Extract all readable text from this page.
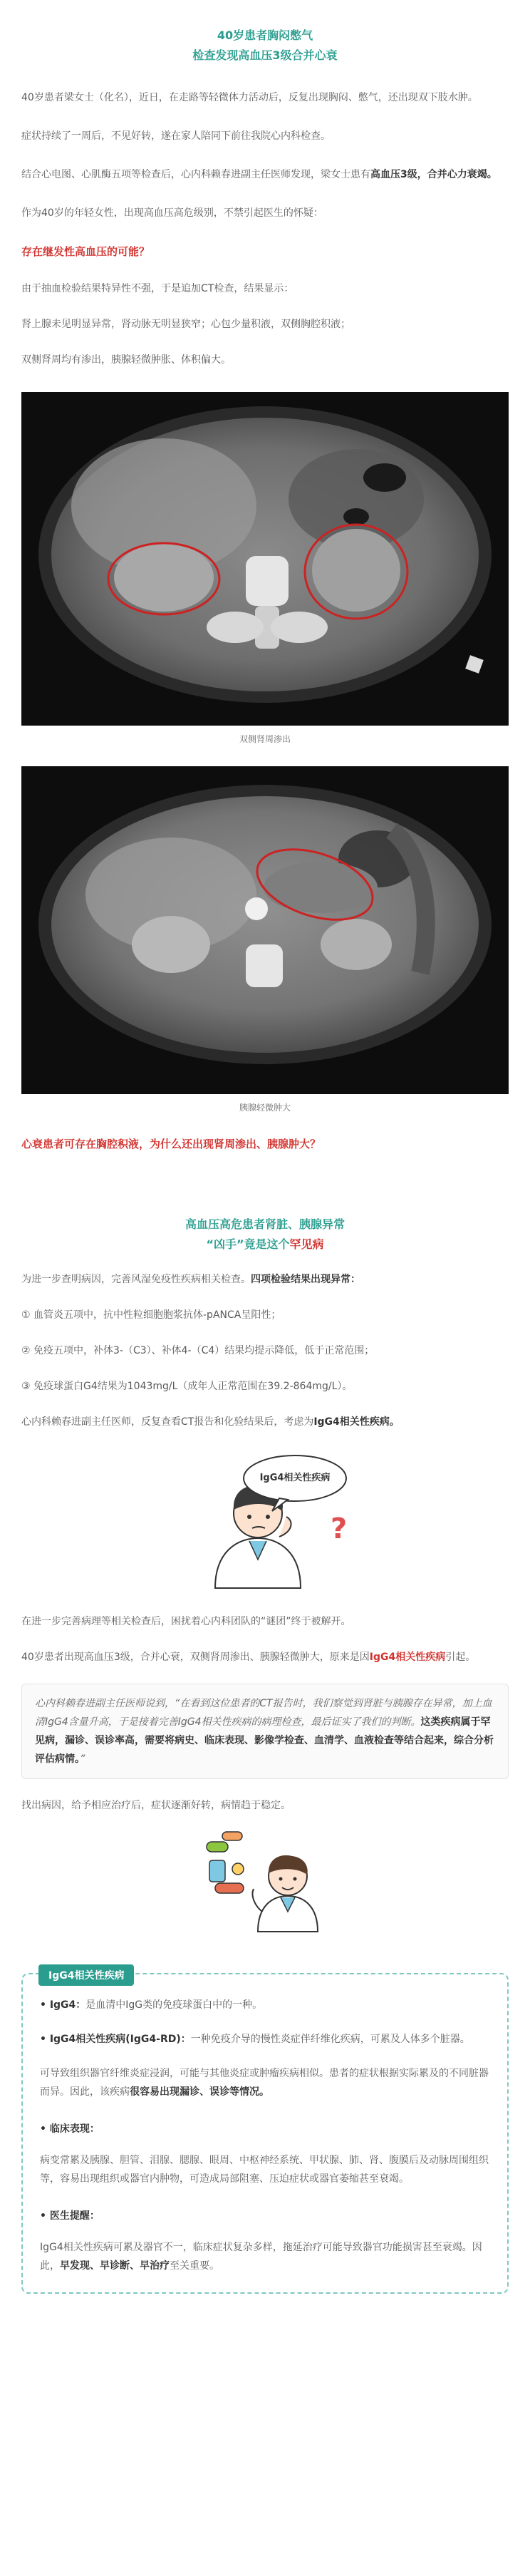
40岁患者胸闷憋气
检查发现高血压3级合并心衰

40岁患者梁女士（化名），近日，在走路等轻微体力活动后，反复出现胸闷、憋气，还出现双下肢水肿。

症状持续了一周后，不见好转，遂在家人陪同下前往我院心内科检查。

结合心电图、心肌酶五项等检查后，心内科赖春进副主任医师发现，梁女士患有高血压3级，合并心力衰竭。

作为40岁的年轻女性，出现高血压高危级别，不禁引起医生的怀疑：

存在继发性高血压的可能？

由于抽血检验结果特异性不强，于是追加CT检查，结果显示：

肾上腺未见明显异常，肾动脉无明显狭窄；心包少量积液，双侧胸腔积液；

双侧肾周均有渗出，胰腺轻微肿胀、体积偏大。

双侧肾周渗出
胰腺轻微肿大

心衰患者可存在胸腔积液，为什么还出现肾周渗出、胰腺肿大？

高血压高危患者肾脏、胰腺异常
“凶手”竟是这个罕见病

为进一步查明病因，完善风湿免疫性疾病相关检查。四项检验结果出现异常：

① 血管炎五项中，抗中性粒细胞胞浆抗体-pANCA呈阳性；

② 免疫五项中，补体3-（C3）、补体4-（C4）结果均提示降低，低于正常范围；

③ 免疫球蛋白G4结果为1043mg/L（成年人正常范围在39.2-864mg/L）。

心内科赖春进副主任医师，反复查看CT报告和化验结果后，考虑为IgG4相关性疾病。

?
IgG4相关性疾病

在进一步完善病理等相关检查后，困扰着心内科团队的“谜团”终于被解开。

40岁患者出现高血压3级，合并心衰，双侧肾周渗出、胰腺轻微肿大，原来是因IgG4相关性疾病引起。

心内科赖春进副主任医师说到，“在看到这位患者的CT报告时，我们察觉到肾脏与胰腺存在异常，加上血清IgG4含量升高，于是接着完善IgG4相关性疾病的病理检查，最后证实了我们的判断。这类疾病属于罕见病，漏诊、误诊率高，需要将病史、临床表现、影像学检查、血清学、血液检查等结合起来，综合分析评估病情。”

找出病因，给予相应治疗后，症状逐渐好转，病情趋于稳定。

IgG4相关性疾病

• IgG4：是血清中IgG类的免疫球蛋白中的一种。

• IgG4相关性疾病(IgG4-RD)：一种免疫介导的慢性炎症伴纤维化疾病，可累及人体多个脏器。

可导致组织器官纤维炎症浸润，可能与其他炎症或肿瘤疾病相似。患者的症状根据实际累及的不同脏器而异。因此，该疾病很容易出现漏诊、误诊等情况。

• 临床表现：

病变常累及胰腺、胆管、泪腺、腮腺、眼周、中枢神经系统、甲状腺、肺、肾、腹膜后及动脉周围组织等，容易出现组织或器官内肿物，可造成局部阻塞、压迫症状或器官萎缩甚至衰竭。

• 医生提醒：

IgG4相关性疾病可累及器官不一，临床症状复杂多样，拖延治疗可能导致器官功能损害甚至衰竭。因此，早发现、早诊断、早治疗至关重要。
